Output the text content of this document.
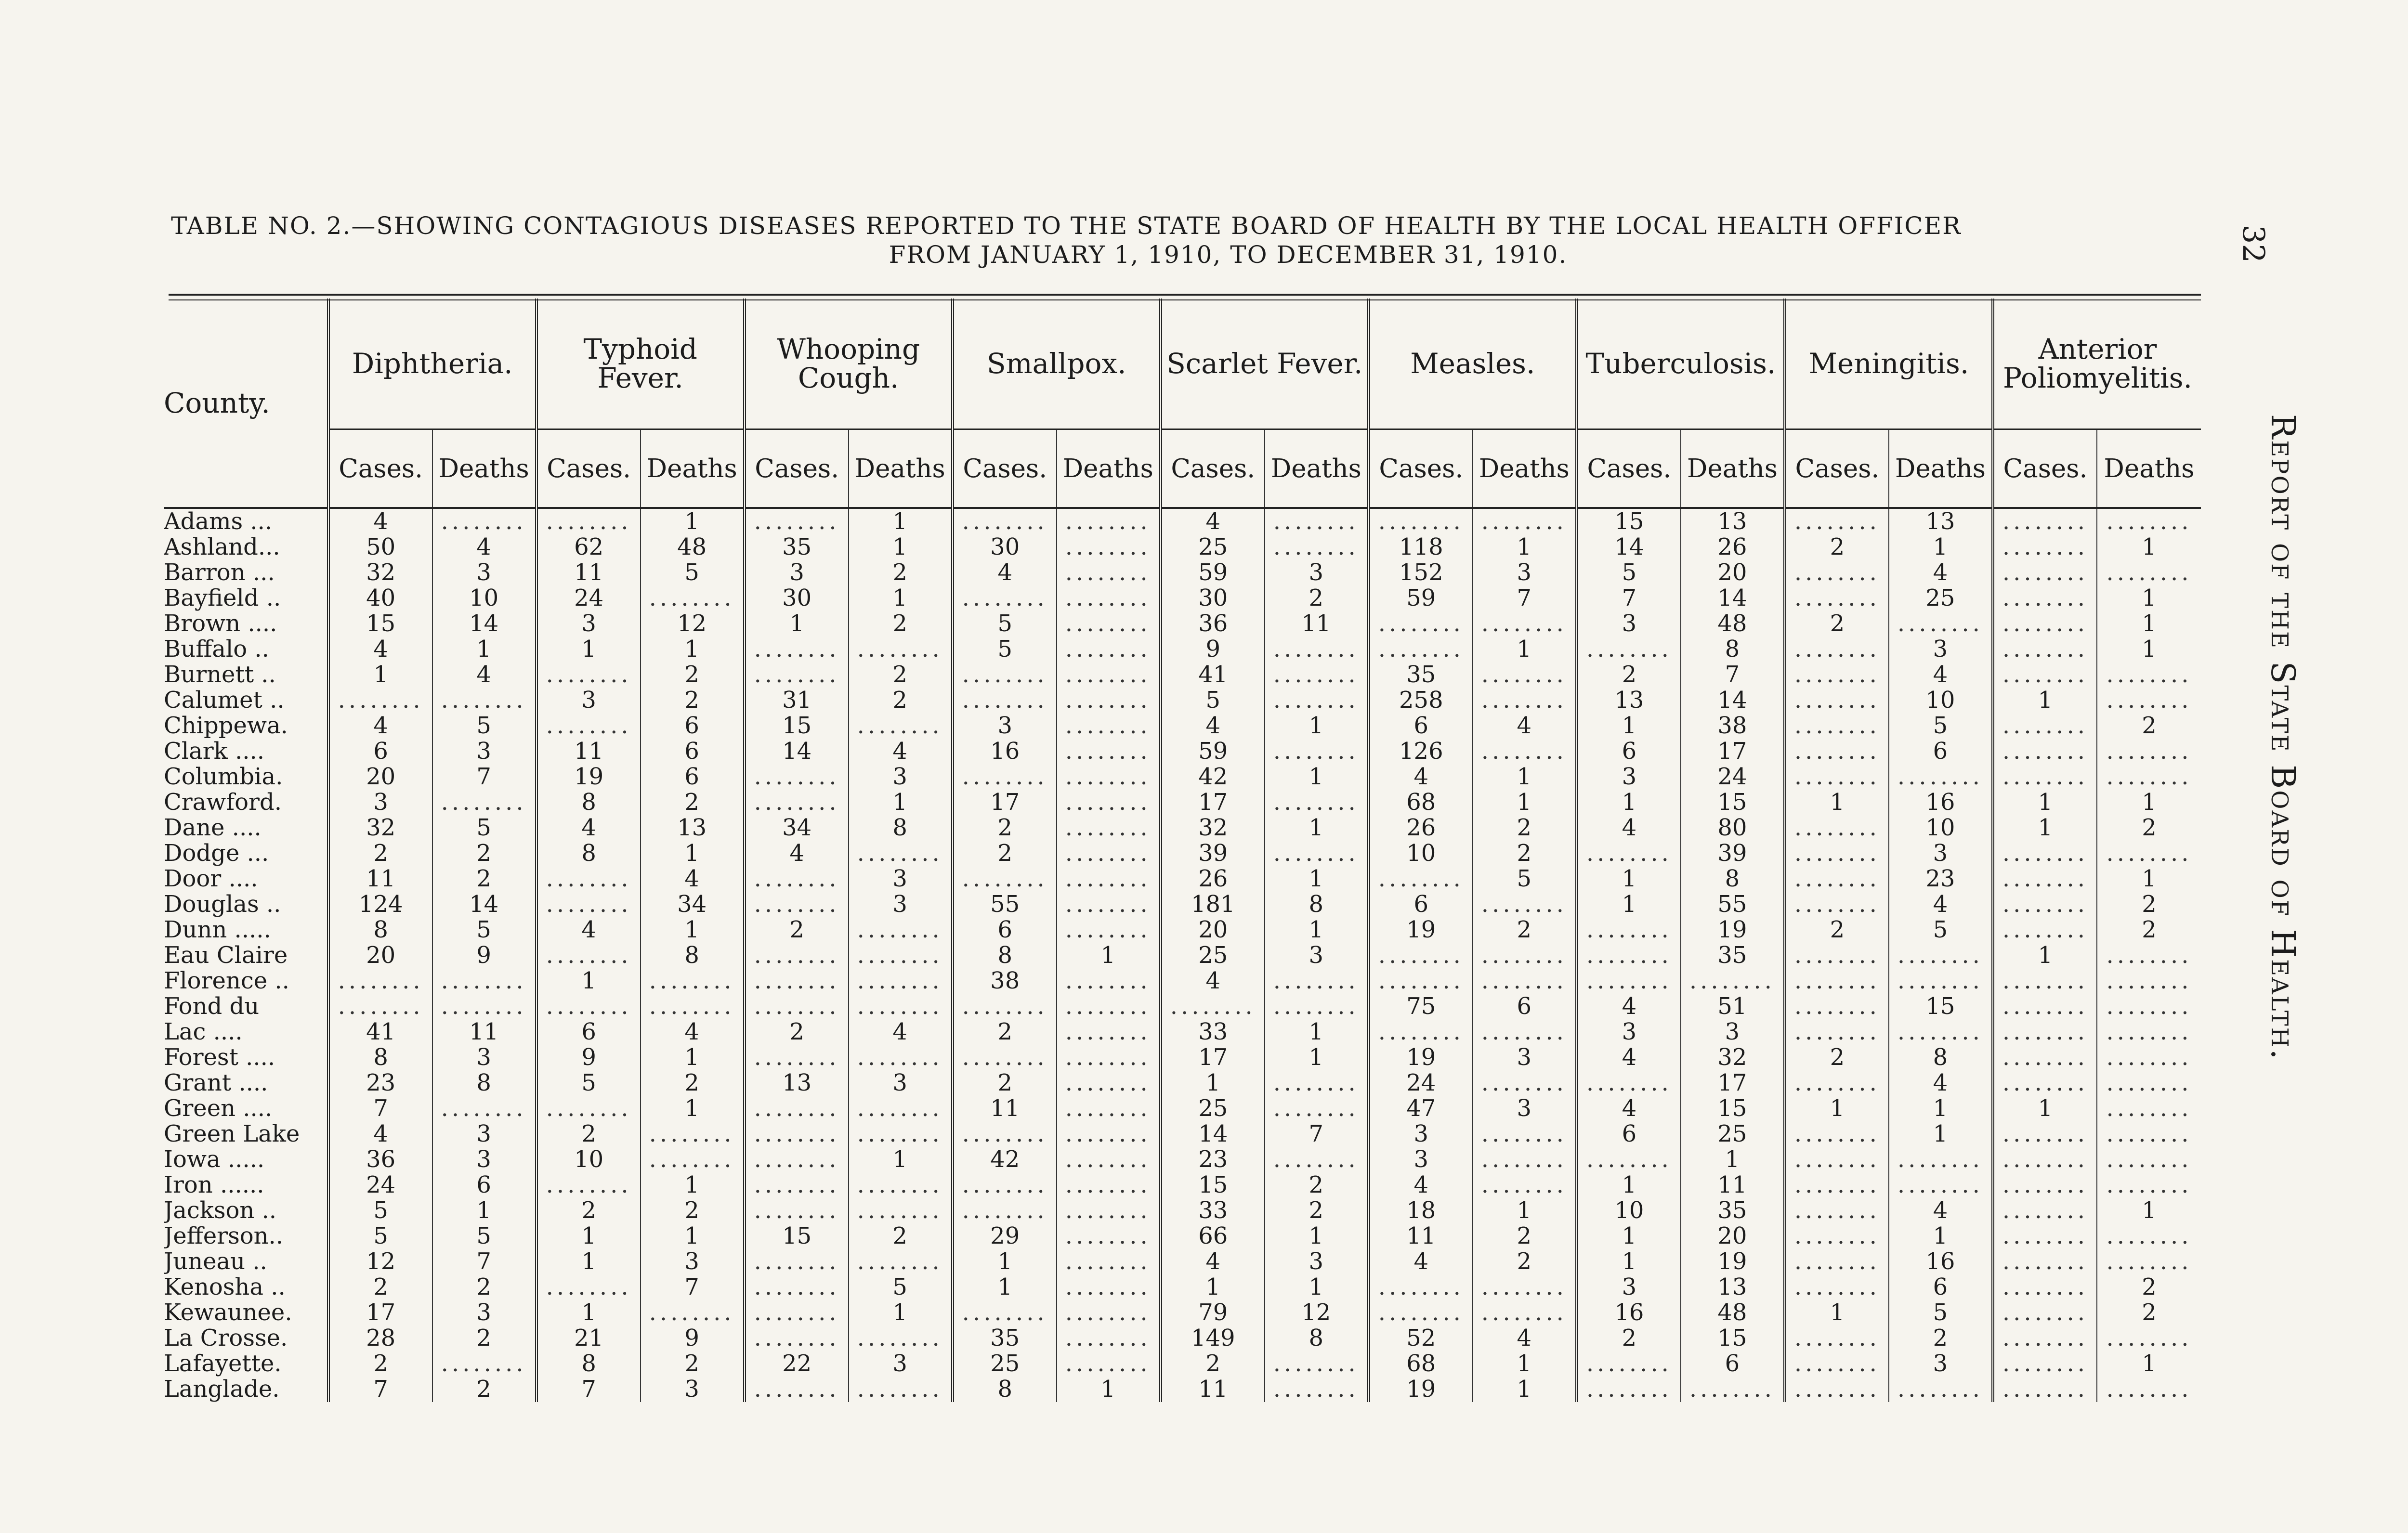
TABLE NO. 2.—SHOWING CONTAGIOUS DISEASES REPORTED TO THE STATE BOARD OF HEALTH BY THE LOCAL HEALTH OFFICER
FROM JANUARY 1, 1910, TO DECEMBER 31, 1910.	32
Report of the State Board of Health.
County.	Diphtheria.		Typhoid Fever.		Whooping Cough.		Smallpox.		Scarlet Fever.		Measles.		Tuberculosis.		Meningitis.		Anterior Poliomyelitis.	
	Cases.	Deaths	Cases.	Deaths	Cases.	Deaths	Cases.	Deaths	Cases.	Deaths	Cases.	Deaths	Cases.	Deaths	Cases.	Deaths	Cases.	Deaths
Adams ...	4	........	........	1	........	1	........	........	4	........	........	........	15	13	........	13	........	........
Ashland...	50	4	62	48	35	1	30	........	25	........	118	1	14	26	2	1	........	1
Barron ...	32	3	11	5	3	2	4	........	59	3	152	3	5	20	........	4	........	........
Bayfield ..	40	10	24	........	30	1	........	........	30	2	59	7	7	14	........	25	........	1
Brown ....	15	14	3	12	1	2	5	........	36	11	........	........	3	48	2	........	........	1
Buffalo ..	4	1	1	1	........	........	5	........	9	........	........	1	........	8	........	3	........	1
Burnett ..	1	4	........	2	........	2	........	........	41	........	35	........	2	7	........	4	........	........
Calumet ..	........	........	3	2	31	2	........	........	5	........	258	........	13	14	........	10	1	........
Chippewa.	4	5	........	6	15	........	3	........	4	1	6	4	1	38	........	5	........	2
Clark ....	6	3	11	6	14	4	16	........	59	........	126	........	6	17	........	6	........	........
Columbia.	20	7	19	6	........	3	........	........	42	1	4	1	3	24	........	........	........	........
Crawford.	3	........	8	2	........	1	17	........	17	........	68	1	1	15	1	16	1	1
Dane ....	32	5	4	13	34	8	2	........	32	1	26	2	4	80	........	10	1	2
Dodge ...	2	2	8	1	4	........	2	........	39	........	10	2	........	39	........	3	........	........
Door ....	11	2	........	4	........	3	........	........	26	1	........	5	1	8	........	23	........	1
Douglas ..	124	14	........	34	........	3	55	........	181	8	6	........	1	55	........	4	........	2
Dunn .....	8	5	4	1	2	........	6	........	20	1	19	2	........	19	2	5	........	2
Eau Claire	20	9	........	8	........	........	8	1	25	3	........	........	........	35	........	........	1	........
Florence ..	........	........	1	........	........	........	38	........	4	........	........	........	........	........	........	........	........	........
Fond du	........	........	........	........	........	........	........	........	........	........	75	6	4	51	........	15	........	........
Lac ....	41	11	6	4	2	4	2	........	33	1	........	........	3	3	........	........	........	........
Forest ....	8	3	9	1	........	........	........	........	17	1	19	3	4	32	2	8	........	........
Grant ....	23	8	5	2	13	3	2	........	1	........	24	........	........	17	........	4	........	........
Green ....	7	........	........	1	........	........	11	........	25	........	47	3	4	15	1	1	1	........
Green Lake	4	3	2	........	........	........	........	........	14	7	3	........	6	25	........	1	........	........
Iowa .....	36	3	10	........	........	1	42	........	23	........	3	........	........	1	........	........	........	........
Iron ......	24	6	........	1	........	........	........	........	15	2	4	........	1	11	........	........	........	........
Jackson ..	5	1	2	2	........	........	........	........	33	2	18	1	10	35	........	4	........	1
Jefferson..	5	5	1	1	15	2	29	........	66	1	11	2	1	20	........	1	........	........
Juneau ..	12	7	1	3	........	........	1	........	4	3	4	2	1	19	........	16	........	........
Kenosha ..	2	2	........	7	........	5	1	........	1	1	........	........	3	13	........	6	........	2
Kewaunee.	17	3	1	........	........	1	........	........	79	12	........	........	16	48	1	5	........	2
La Crosse.	28	2	21	9	........	........	35	........	149	8	52	4	2	15	........	2	........	........
Lafayette.	2	........	8	2	22	3	25	........	2	........	68	1	........	6	........	3	........	1
Langlade.	7	2	7	3	........	........	8	1	11	........	19	1	........	........	........	........	........	........
